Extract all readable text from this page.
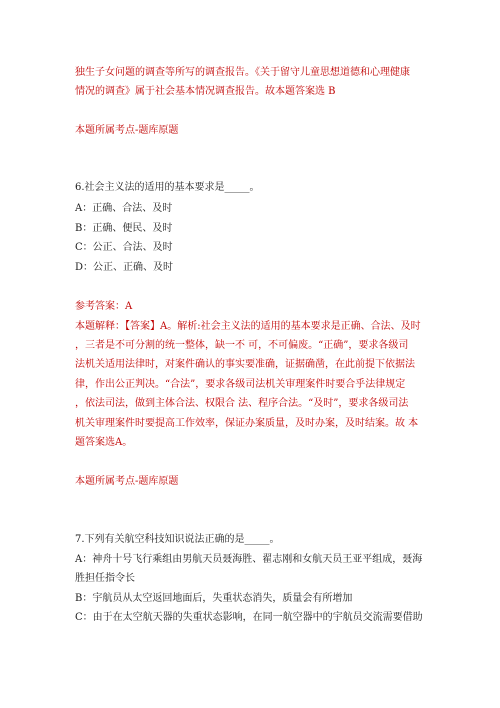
独生子女问题的调查等所写的调查报告。《关于留守儿童思想道德和心理健康
情况的调查》属于社会基本情况调查报告。故本题答案选 B
本题所属考点-题库原题
6.社会主义法的适用的基本要求是_____。
A：正确、合法、及时
B：正确、便民、及时
C：公正、合法、及时
D：公正、正确、及时
参考答案：A
本题解释：【答案】A。解析:社会主义法的适用的基本要求是正确、合法、及时
，三者是不可分割的统一整体，缺一不 可，不可偏废。“正确”，要求各级司
法机关适用法律时，对案件确认的事实要准确，证据确凿，在此前提下依据法
律，作出公正判决。“合法”，要求各级司法机关审理案件时要合乎法律规定
，依法司法，做到主体合法、权限合 法、程序合法。“及时”，要求各级司法
机关审理案件时要提高工作效率，保证办案质量，及时办案，及时结案。故 本
题答案选A。
本题所属考点-题库原题
7.下列有关航空科技知识说法正确的是_____。
A：神舟十号飞行乘组由男航天员聂海胜、翟志刚和女航天员王亚平组成，聂海
胜担任指令长
B：宇航员从太空返回地面后，失重状态消失，质量会有所增加
C：由于在太空航天器的失重状态影响，在同一航空器中的宇航员交流需要借助
